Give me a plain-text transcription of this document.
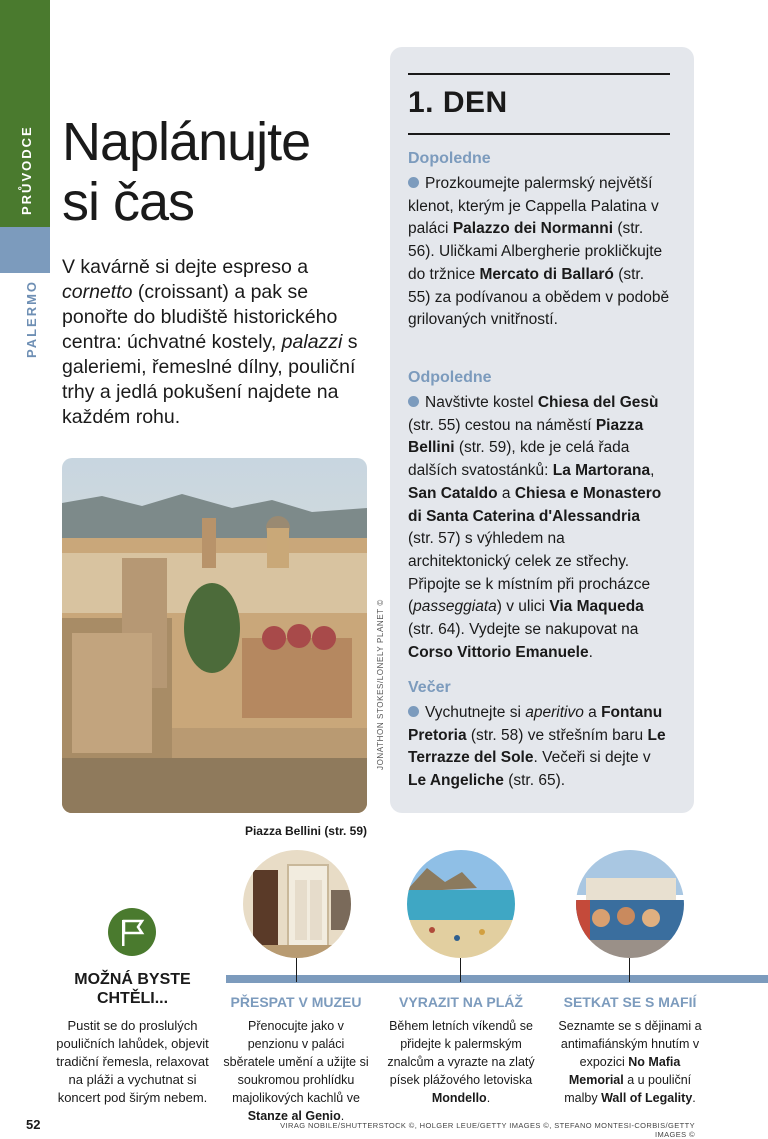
PRŮVODCE
PALERMO
Naplánujte
si čas
V kavárně si dejte espreso a cornetto (croissant) a pak se ponořte do bludiště historického centra: úchvatné kostely, palazzi s galeriemi, řemeslné dílny, pouliční trhy a jedlá pokušení najdete na každém rohu.
JONATHON STOKES/LONELY PLANET ©
Piazza Bellini (str. 59)
1. DEN
Dopoledne
Prozkoumejte palermský největší klenot, kterým je Cappella Palatina v paláci Palazzo dei Normanni (str. 56). Uličkami Albergherie prokličkujte do tržnice Mercato di Ballaró (str. 55) za podívanou a obědem v podobě grilovaných vnitřností.
Odpoledne
Navštivte kostel Chiesa del Gesù (str. 55) cestou na náměstí Piazza Bellini (str. 59), kde je celá řada dalších svatostánků: La Martorana, San Cataldo a Chiesa e Monastero di Santa Caterina d'Alessandria (str. 57) s výhledem na architektonický celek ze střechy. Připojte se k místním při procházce (passeggiata) v ulici Via Maqueda (str. 64). Vydejte se nakupovat na Corso Vittorio Emanuele.
Večer
Vychutnejte si aperitivo a Fontanu Pretoria (str. 58) ve střešním baru Le Terrazze del Sole. Večeři si dejte v Le Angeliche (str. 65).
MOŽNÁ BYSTE
CHTĚLI...
Pustit se do proslulých pouličních lahůdek, objevit tradiční řemesla, relaxovat na pláži a vychutnat si koncert pod širým nebem.
PŘESPAT V MUZEU
Přenocujte jako v penzionu v paláci sběratele umění a užijte si soukromou prohlídku majolikových kachlů ve Stanze al Genio.
VYRAZIT NA PLÁŽ
Během letních víkendů se přidejte k palermským znalcům a vyrazte na zlatý písek plážového letoviska Mondello.
SETKAT SE S MAFIÍ
Seznamte se s dějinami a antimafiánským hnutím v expozici No Mafia Memorial a u pouliční malby Wall of Legality.
52	VIRAG NOBILE/SHUTTERSTOCK ©, HOLGER LEUE/GETTY IMAGES ©, STEFANO MONTESI-CORBIS/GETTY IMAGES ©
